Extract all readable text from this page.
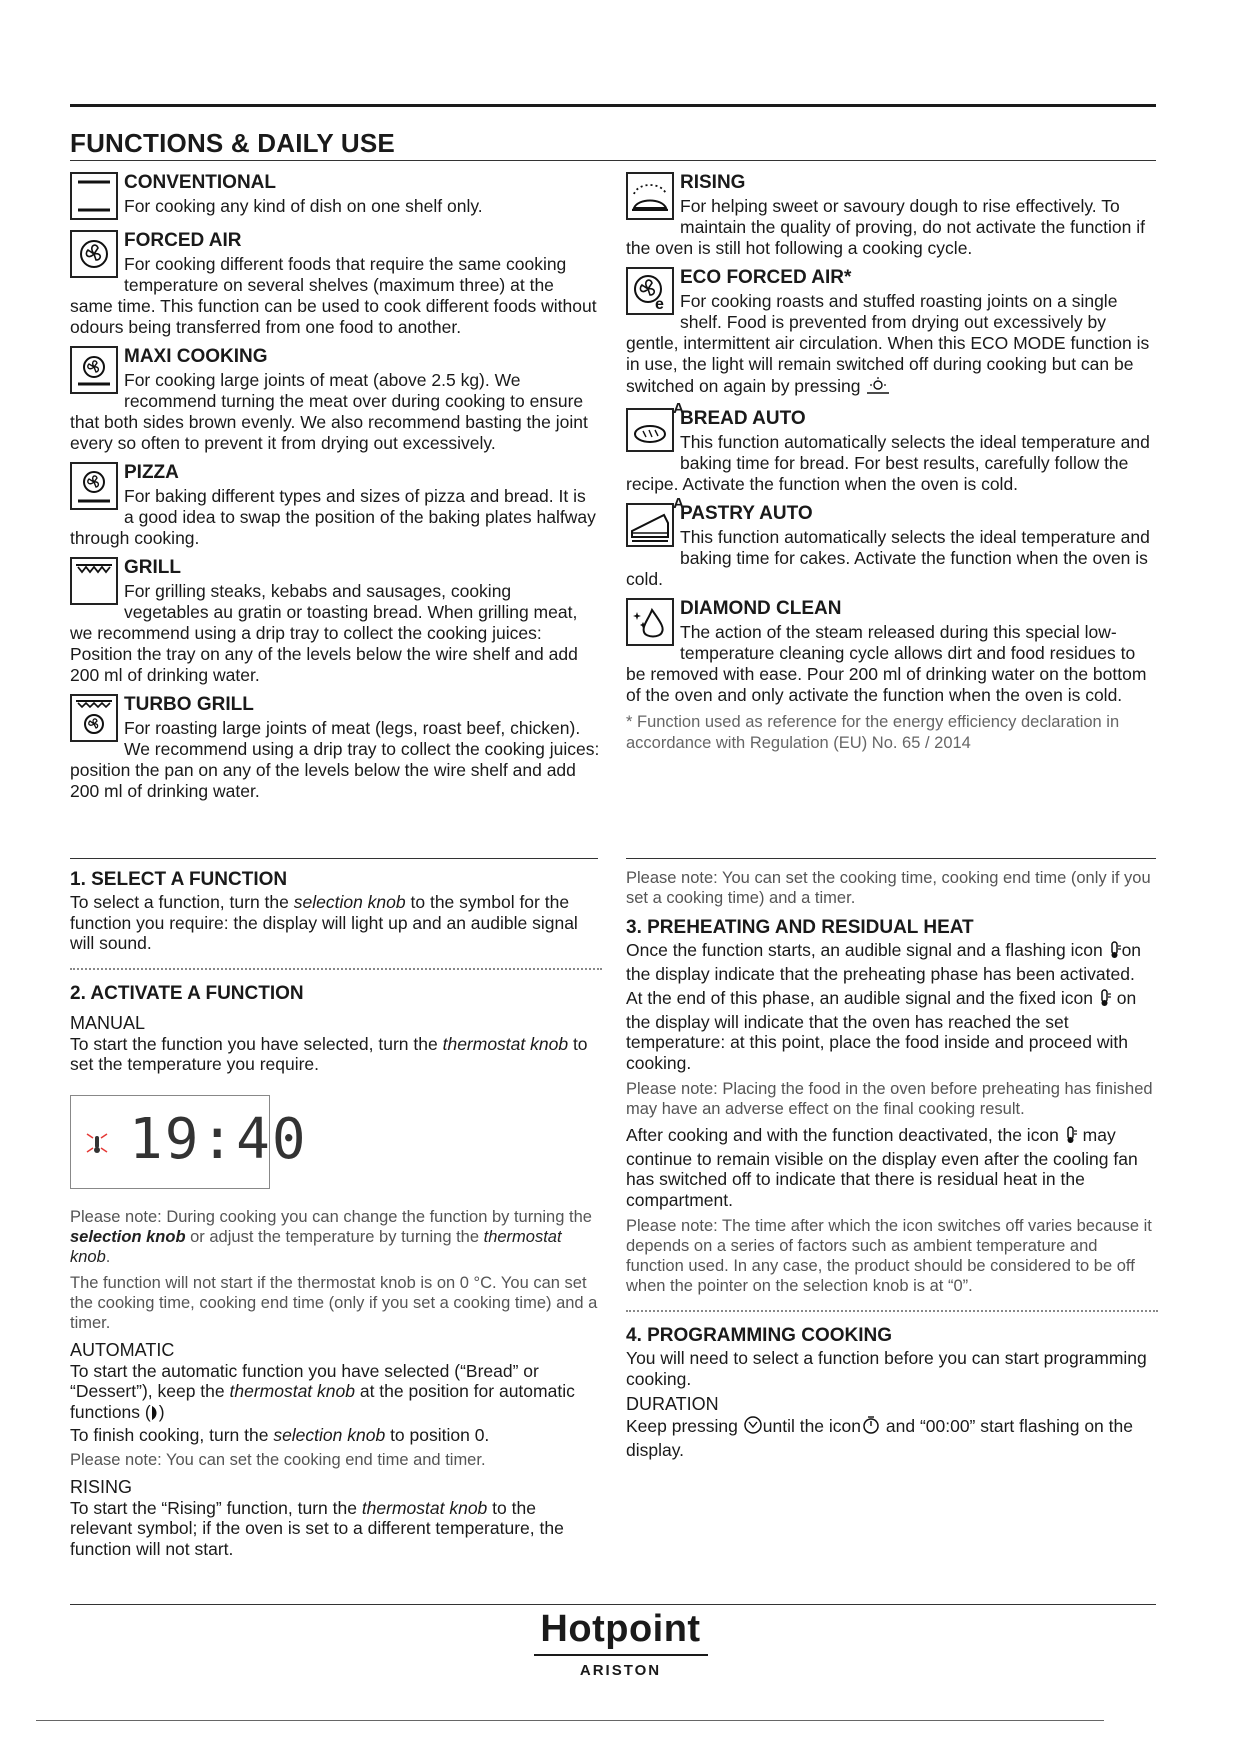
FUNCTIONS & DAILY USE
CONVENTIONAL
For cooking any kind of dish on one shelf only.
FORCED AIR
For cooking different foods that require the same cooking temperature on several shelves (maximum three) at the same time. This function can be used to cook different foods without odours being transferred from one food to another.
MAXI COOKING
For cooking large joints of meat (above 2.5 kg). We recommend turning the meat over during cooking to ensure that both sides brown evenly. We also recommend basting the joint every so often to prevent it from drying out excessively.
PIZZA
For baking different types and sizes of pizza and bread. It is a good idea to swap the position of the baking plates halfway through cooking.
GRILL
For grilling steaks, kebabs and sausages, cooking vegetables au gratin or toasting bread. When grilling meat, we recommend using a drip tray to collect the cooking juices: Position the tray on any of the levels below the wire shelf and add 200 ml of drinking water.
TURBO GRILL
For roasting large joints of meat (legs, roast beef, chicken). We recommend using a drip tray to collect the cooking juices: position the pan on any of the levels below the wire shelf and add 200 ml of drinking water.
RISING
For helping sweet or savoury dough to rise effectively. To maintain the quality of proving, do not activate the function if the oven is still hot following a cooking cycle.
e
ECO FORCED AIR*
For cooking roasts and stuffed roasting joints on a single shelf. Food is prevented from drying out excessively by gentle, intermittent air circulation. When this ECO MODE function is in use, the light will remain switched off during cooking but can be switched on again by pressing
A
BREAD AUTO
This function automatically selects the ideal temperature and baking time for bread. For best results, carefully follow the recipe. Activate the function when the oven is cold.
A
PASTRY AUTO
This function automatically selects the ideal temperature and baking time for cakes. Activate the function when the oven is cold.
DIAMOND CLEAN
The action of the steam released during this special low-temperature cleaning cycle allows dirt and food residues to be removed with ease. Pour 200 ml of drinking water on the bottom of the oven and only activate the function when the oven is cold.

* Function used as reference for the energy efficiency declaration in accordance with Regulation (EU) No. 65 / 2014

1. SELECT A FUNCTION

To select a function, turn the selection knob to the symbol for the function you require: the display will light up and an audible signal will sound.

2. ACTIVATE A FUNCTION

MANUAL

To start the function you have selected, turn the thermostat knob to set the temperature you require.

19:40

Please note: During cooking you can change the function by turning the selection knob or adjust the temperature by turning the thermostat knob.

The function will not start if the thermostat knob is on 0 °C. You can set the cooking time, cooking end time (only if you set a cooking time) and a timer.

AUTOMATIC

To start the automatic function you have selected (“Bread” or “Dessert”), keep the thermostat knob at the position for automatic functions ( )

To finish cooking, turn the selection knob to position 0.

Please note: You can set the cooking end time and timer.

RISING

To start the “Rising” function, turn the thermostat knob to the relevant symbol; if the oven is set to a different temperature, the function will not start.

Please note: You can set the cooking time, cooking end time (only if you set a cooking time) and a timer.

3. PREHEATING AND RESIDUAL HEAT

Once the function starts, an audible signal and a flashing icon on the display indicate that the preheating phase has been activated.

At the end of this phase, an audible signal and the fixed icon  on the display will indicate that the oven has reached the set temperature: at this point, place the food inside and proceed with cooking.

Please note: Placing the food in the oven before preheating has finished may have an adverse effect on the final cooking result.

After cooking and with the function deactivated, the icon  may continue to remain visible on the display even after the cooling fan has switched off to indicate that there is residual heat in the compartment.

Please note: The time after which the icon switches off varies because it depends on a series of factors such as ambient temperature and function used. In any case, the product should be considered to be off when the pointer on the selection knob is at “0”.

4. PROGRAMMING COOKING

You will need to select a function before you can start programming cooking.

DURATION

Keep pressing until the icon and “00:00” start flashing on the display.

Hotpoint
ARISTON
